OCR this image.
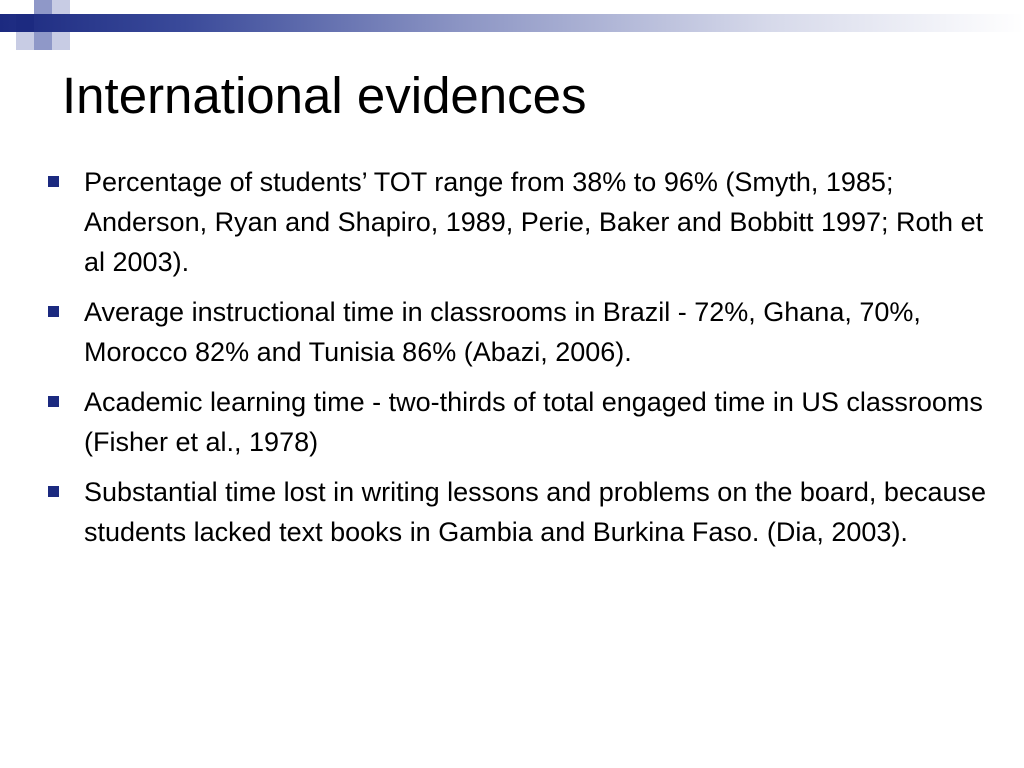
International evidences
Percentage of students’ TOT range from 38% to 96% (Smyth, 1985; Anderson, Ryan and Shapiro, 1989, Perie, Baker and Bobbitt 1997; Roth et al 2003).
Average instructional time in classrooms in Brazil - 72%, Ghana, 70%, Morocco 82% and Tunisia 86% (Abazi, 2006).
Academic learning time - two-thirds of total engaged time in US classrooms (Fisher et al., 1978)
Substantial time lost in writing lessons and problems on the board, because students lacked text books in Gambia and Burkina Faso. (Dia, 2003).
